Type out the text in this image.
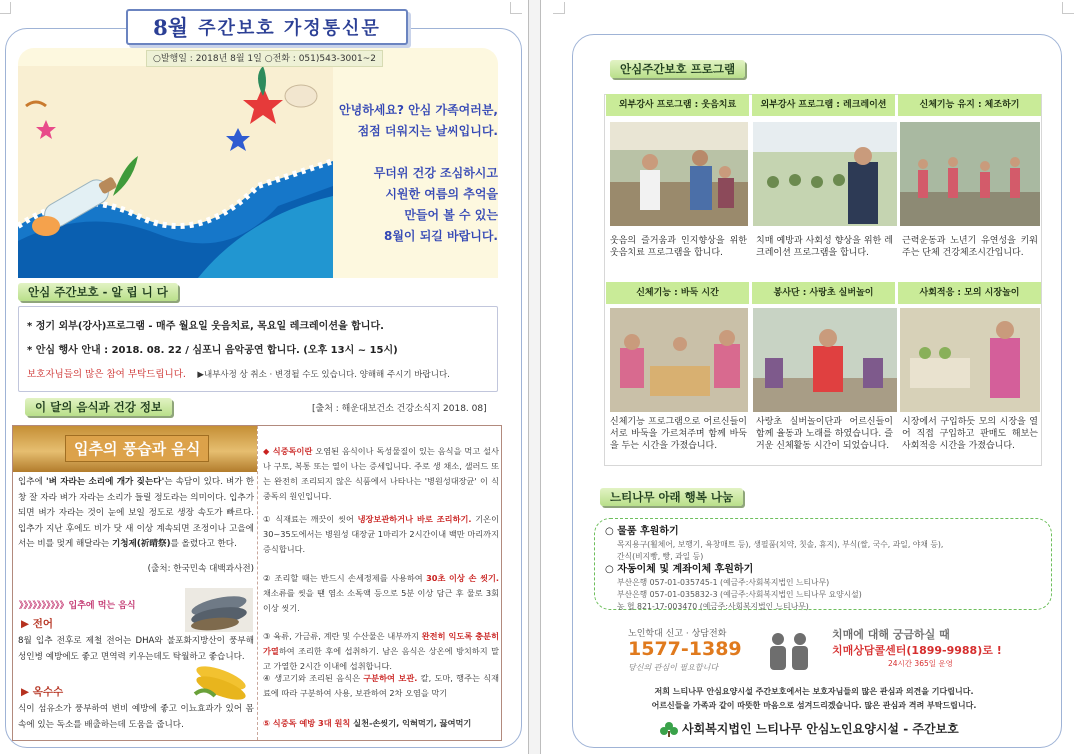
8월 주간보호 가정통신문
○발행일 : 2018년 8월 1일 ○전화 : 051)543-3001~2
안녕하세요? 안심 가족여러분,
점점 더워지는 날씨입니다.
무더위 건강 조심하시고
시원한 여름의 추억을
만들어 볼 수 있는
8월이 되길 바랍니다.
안심 주간보호 - 알 립 니 다
* 정기 외부(강사)프로그램 - 매주 월요일 웃음치료, 목요일 레크레이션을 합니다.
* 안심 행사 안내 : 2018. 08. 22 / 심포니 음악공연 합니다. (오후 13시 ~ 15시)
보호자님들의 많은 참여 부탁드립니다. ▶내부사정 상 취소 · 변경될 수도 있습니다. 양해해 주시기 바랍니다.
이 달의 음식과 건강 정보	[출처 : 해운대보건소 건강소식지 2018. 08]
입추의 풍습과 음식
입추에 '벼 자라는 소리에 개가 짖는다'는 속담이 있다. 벼가 한창 잘 자라 벼가 자라는 소리가 들릴 정도라는 의미이다. 입추가 되면 벼가 자라는 것이 눈에 보일 정도로 생장 속도가 빠르다. 입추가 지난 후에도 비가 닷 새 이상 계속되면 조정이나 고을에서는 비를 멎게 해달라는 기청제(祈晴祭)를 올렸다고 한다.
(출처: 한국민속 대백과사전)
》》》》》》》》》》입추에 먹는 음식
▶ 전어
8월 입추 전후로 제철 전어는 DHA와 불포화지방산이 풍부해 성인병 예방에도 좋고 면역력 키우는데도 탁월하고 좋습니다.
▶ 옥수수
식이 섬유소가 풍부하여 변비 예방에 좋고 이뇨효과가 있어 몸속에 있는 독소를 배출하는데 도움을 줍니다.
◆ 식중독이란 오염된 음식이나 독성물질이 있는 음식을 먹고 설사나 구토, 복통 또는 열이 나는 증세입니다. 주로 생 채소, 샐러드 또는 완전히 조리되지 않은 식품에서 나타나는 '병원성대장균' 이 식중독의 원인입니다.
① 식재료는 깨끗이 씻어 냉장보관하거나 바로 조리하기. 기온이 30~35도에서는 병원성 대장균 1마리가 2시간이내 백만 마리까지 증식합니다.
② 조리할 때는 반드시 손세정제를 사용하여 30초 이상 손 씻기. 채소류를 씻을 땐 염소 소독액 등으로 5분 이상 담근 후 물로 3회 이상 씻기.
③ 육류, 가금류, 계란 및 수산물은 내부까지 완전히 익도록 충분히 가열하여 조리한 후에 섭취하기. 남은 음식은 상온에 방치하지 말고 가열한 2시간 이내에 섭취합니다.
④ 생고기와 조리된 음식은 구분하여 보관. 칼, 도마, 행주는 식재료에 따라 구분하여 사용, 보관하여 2차 오염을 막기
⑤ 식중독 예방 3대 원칙 실천-손씻기, 익혀먹기, 끓여먹기
안심주간보호 프로그램
외부강사 프로그램 : 웃음치료	외부강사 프로그램 : 레크레이션	신체기능 유지 : 체조하기
웃음의 즐거움과 인지향상을 위한 웃음치료 프로그램을 합니다.
치매 예방과 사회성 향상을 위한 레크레이션 프로그램을 합니다.
근력운동과 노년기 유연성을 키워주는 단체 건강체조시간입니다.
신체기능 : 바둑 시간	봉사단 : 사랑초 실버놀이	사회적응 : 모의 시장놀이
신체기능 프로그램으로 어르신들이 서로 바둑을 가르쳐주며 함께 바둑을 두는 시간을 가졌습니다.
사랑초 실버놀이단과 어르신들이 함께 율동과 노래를 하였습니다. 즐거운 신체활동 시간이 되었습니다.
시장에서 구입하듯 모의 시장을 열어 직접 구입하고 판매도 해보는 사회적응 시간을 가졌습니다.
느티나무 아래 행복 나눔
○ 물품 후원하기
목지용구(휠체어, 보행기, 욕창매트 등), 생필품(치약, 칫솔, 휴지), 부식(쌀, 국수, 과일, 야채 등),
간식(비지빵, 빵, 과일 등)
○ 자동이체 및 계좌이체 후원하기
부산은행 057-01-035745-1 (예금주:사회복지법인 느티나무)
부산은행 057-01-035832-3 (예금주:사회복지법인 느티나무 요양시설)
농 협 821-17-003470 (예금주:사회복지법인 느티나무)
노인학대 신고 · 상담전화
1577-1389
당신의 관심이 필요합니다
치매에 대해 궁금하실 때
치매상담콜센터(1899-9988)로 !
24시간 365일 운영
저희 느티나무 안심요양시설 주간보호에서는 보호자님들의 많은 관심과 의견을 기다립니다.
어르신들을 가족과 같이 따뜻한 마음으로 섬겨드리겠습니다. 많은 관심과 격려 부탁드립니다.
사회복지법인 느티나무 안심노인요양시설 - 주간보호
